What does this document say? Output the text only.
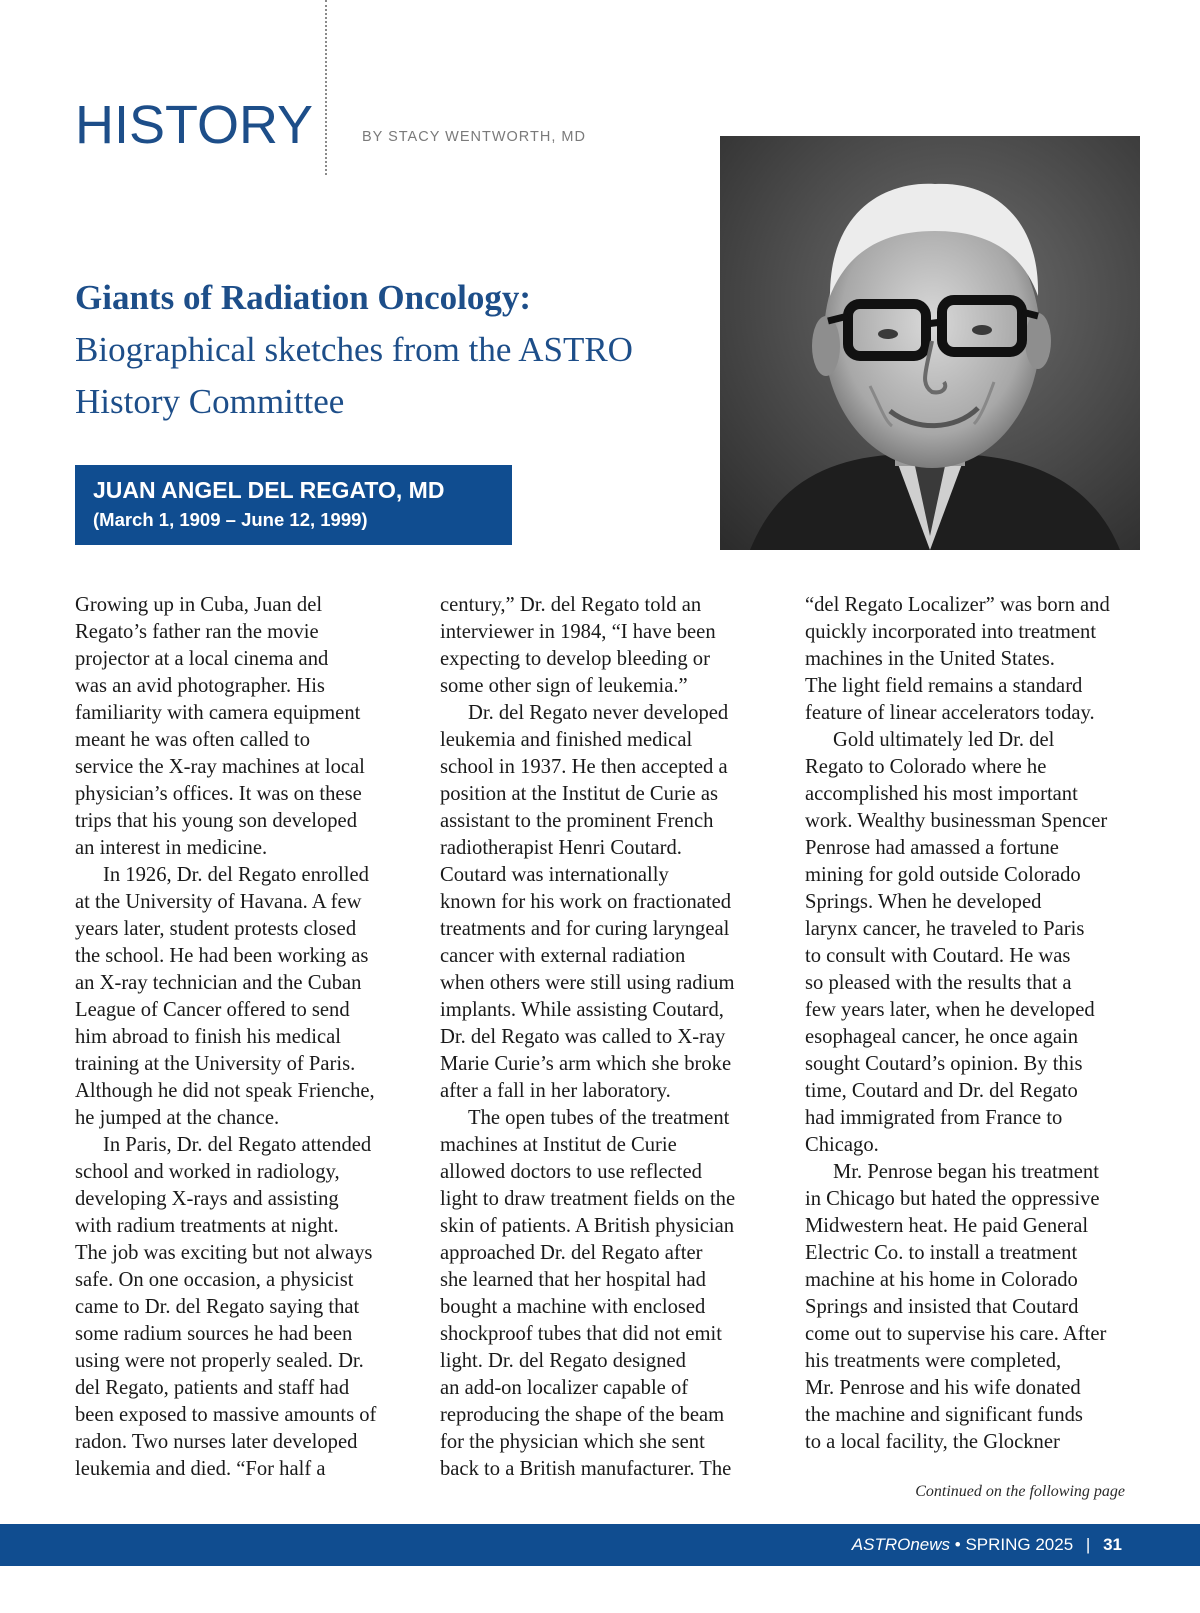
HISTORY	BY STACY WENTWORTH, MD
Giants of Radiation Oncology:
Biographical sketches from the ASTRO History Committee
JUAN ANGEL DEL REGATO, MD
(March 1, 1909 – June 12, 1999)

Growing up in Cuba, Juan del

Regato’s father ran the movie

projector at a local cinema and

was an avid photographer. His

familiarity with camera equipment

meant he was often called to

service the X-ray machines at local

physician’s offices. It was on these

trips that his young son developed

an interest in medicine.

In 1926, Dr. del Regato enrolled

at the University of Havana. A few

years later, student protests closed

the school. He had been working as

an X-ray technician and the Cuban

League of Cancer offered to send

him abroad to finish his medical

training at the University of Paris.

Although he did not speak Frienche,

he jumped at the chance.

In Paris, Dr. del Regato attended

school and worked in radiology,

developing X-rays and assisting

with radium treatments at night.

The job was exciting but not always

safe. On one occasion, a physicist

came to Dr. del Regato saying that

some radium sources he had been

using were not properly sealed. Dr.

del Regato, patients and staff had

been exposed to massive amounts of

radon. Two nurses later developed

leukemia and died. “For half a

century,” Dr. del Regato told an

interviewer in 1984, “I have been

expecting to develop bleeding or

some other sign of leukemia.”

Dr. del Regato never developed

leukemia and finished medical

school in 1937. He then accepted a

position at the Institut de Curie as

assistant to the prominent French

radiotherapist Henri Coutard.

Coutard was internationally

known for his work on fractionated

treatments and for curing laryngeal

cancer with external radiation

when others were still using radium

implants. While assisting Coutard,

Dr. del Regato was called to X-ray

Marie Curie’s arm which she broke

after a fall in her laboratory.

The open tubes of the treatment

machines at Institut de Curie

allowed doctors to use reflected

light to draw treatment fields on the

skin of patients. A British physician

approached Dr. del Regato after

she learned that her hospital had

bought a machine with enclosed

shockproof tubes that did not emit

light. Dr. del Regato designed

an add-on localizer capable of

reproducing the shape of the beam

for the physician which she sent

back to a British manufacturer. The

“del Regato Localizer” was born and

quickly incorporated into treatment

machines in the United States.

The light field remains a standard

feature of linear accelerators today.

Gold ultimately led Dr. del

Regato to Colorado where he

accomplished his most important

work. Wealthy businessman Spencer

Penrose had amassed a fortune

mining for gold outside Colorado

Springs. When he developed

larynx cancer, he traveled to Paris

to consult with Coutard. He was

so pleased with the results that a

few years later, when he developed

esophageal cancer, he once again

sought Coutard’s opinion. By this

time, Coutard and Dr. del Regato

had immigrated from France to

Chicago.

Mr. Penrose began his treatment

in Chicago but hated the oppressive

Midwestern heat. He paid General

Electric Co. to install a treatment

machine at his home in Colorado

Springs and insisted that Coutard

come out to supervise his care. After

his treatments were completed,

Mr. Penrose and his wife donated

the machine and significant funds

to a local facility, the Glockner

Continued on the following page
ASTROnews • SPRING 2025 | 31
